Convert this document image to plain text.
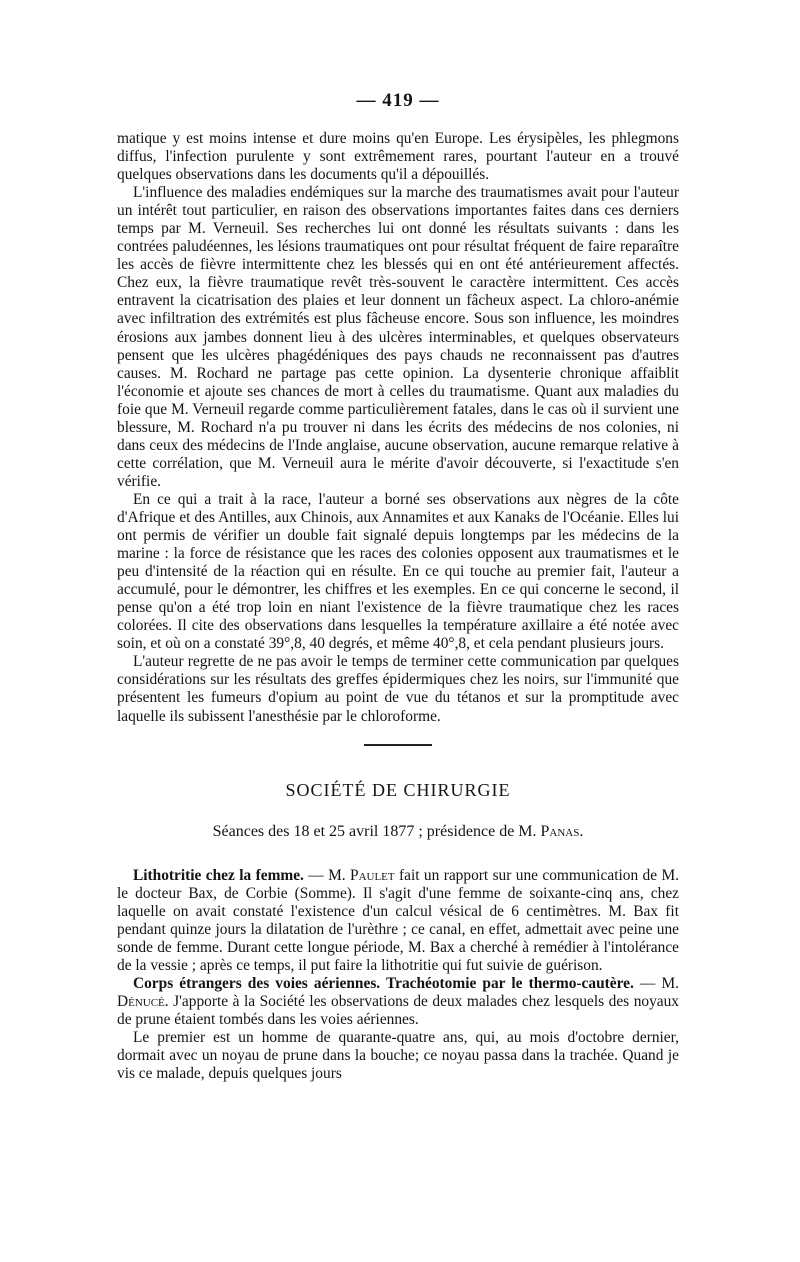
— 419 —

matique y est moins intense et dure moins qu'en Europe. Les érysipèles, les phlegmons diffus, l'infection purulente y sont extrêmement rares, pourtant l'auteur en a trouvé quelques observations dans les documents qu'il a dépouillés.

L'influence des maladies endémiques sur la marche des traumatismes avait pour l'auteur un intérêt tout particulier, en raison des observations importantes faites dans ces derniers temps par M. Verneuil. Ses recherches lui ont donné les résultats suivants : dans les contrées paludéennes, les lésions traumatiques ont pour résultat fréquent de faire reparaître les accès de fièvre intermittente chez les blessés qui en ont été antérieurement affectés. Chez eux, la fièvre traumatique revêt très-souvent le caractère intermittent. Ces accès entravent la cicatrisation des plaies et leur donnent un fâcheux aspect. La chloro-anémie avec infiltration des extrémités est plus fâcheuse encore. Sous son influence, les moindres érosions aux jambes donnent lieu à des ulcères interminables, et quelques observateurs pensent que les ulcères phagédéniques des pays chauds ne reconnaissent pas d'autres causes. M. Rochard ne partage pas cette opinion. La dysenterie chronique affaiblit l'économie et ajoute ses chances de mort à celles du traumatisme. Quant aux maladies du foie que M. Verneuil regarde comme particulièrement fatales, dans le cas où il survient une blessure, M. Rochard n'a pu trouver ni dans les écrits des médecins de nos colonies, ni dans ceux des médecins de l'Inde anglaise, aucune observation, aucune remarque relative à cette corrélation, que M. Verneuil aura le mérite d'avoir découverte, si l'exactitude s'en vérifie.

En ce qui a trait à la race, l'auteur a borné ses observations aux nègres de la côte d'Afrique et des Antilles, aux Chinois, aux Annamites et aux Kanaks de l'Océanie. Elles lui ont permis de vérifier un double fait signalé depuis longtemps par les médecins de la marine : la force de résistance que les races des colonies opposent aux traumatismes et le peu d'intensité de la réaction qui en résulte. En ce qui touche au premier fait, l'auteur a accumulé, pour le démontrer, les chiffres et les exemples. En ce qui concerne le second, il pense qu'on a été trop loin en niant l'existence de la fièvre traumatique chez les races colorées. Il cite des observations dans lesquelles la température axillaire a été notée avec soin, et où on a constaté 39°,8, 40 degrés, et même 40°,8, et cela pendant plusieurs jours.

L'auteur regrette de ne pas avoir le temps de terminer cette communication par quelques considérations sur les résultats des greffes épidermiques chez les noirs, sur l'immunité que présentent les fumeurs d'opium au point de vue du tétanos et sur la promptitude avec laquelle ils subissent l'anesthésie par le chloroforme.

SOCIÉTÉ DE CHIRURGIE
Séances des 18 et 25 avril 1877 ; présidence de M. Panas.

Lithotritie chez la femme. — M. Paulet fait un rapport sur une communication de M. le docteur Bax, de Corbie (Somme). Il s'agit d'une femme de soixante-cinq ans, chez laquelle on avait constaté l'existence d'un calcul vésical de 6 centimètres. M. Bax fit pendant quinze jours la dilatation de l'urèthre ; ce canal, en effet, admettait avec peine une sonde de femme. Durant cette longue période, M. Bax a cherché à remédier à l'intolérance de la vessie ; après ce temps, il put faire la lithotritie qui fut suivie de guérison.

Corps étrangers des voies aériennes. Trachéotomie par le thermo-cautère. — M. Dénucé. J'apporte à la Société les observations de deux malades chez lesquels des noyaux de prune étaient tombés dans les voies aériennes.

Le premier est un homme de quarante-quatre ans, qui, au mois d'octobre dernier, dormait avec un noyau de prune dans la bouche; ce noyau passa dans la trachée. Quand je vis ce malade, depuis quelques jours
